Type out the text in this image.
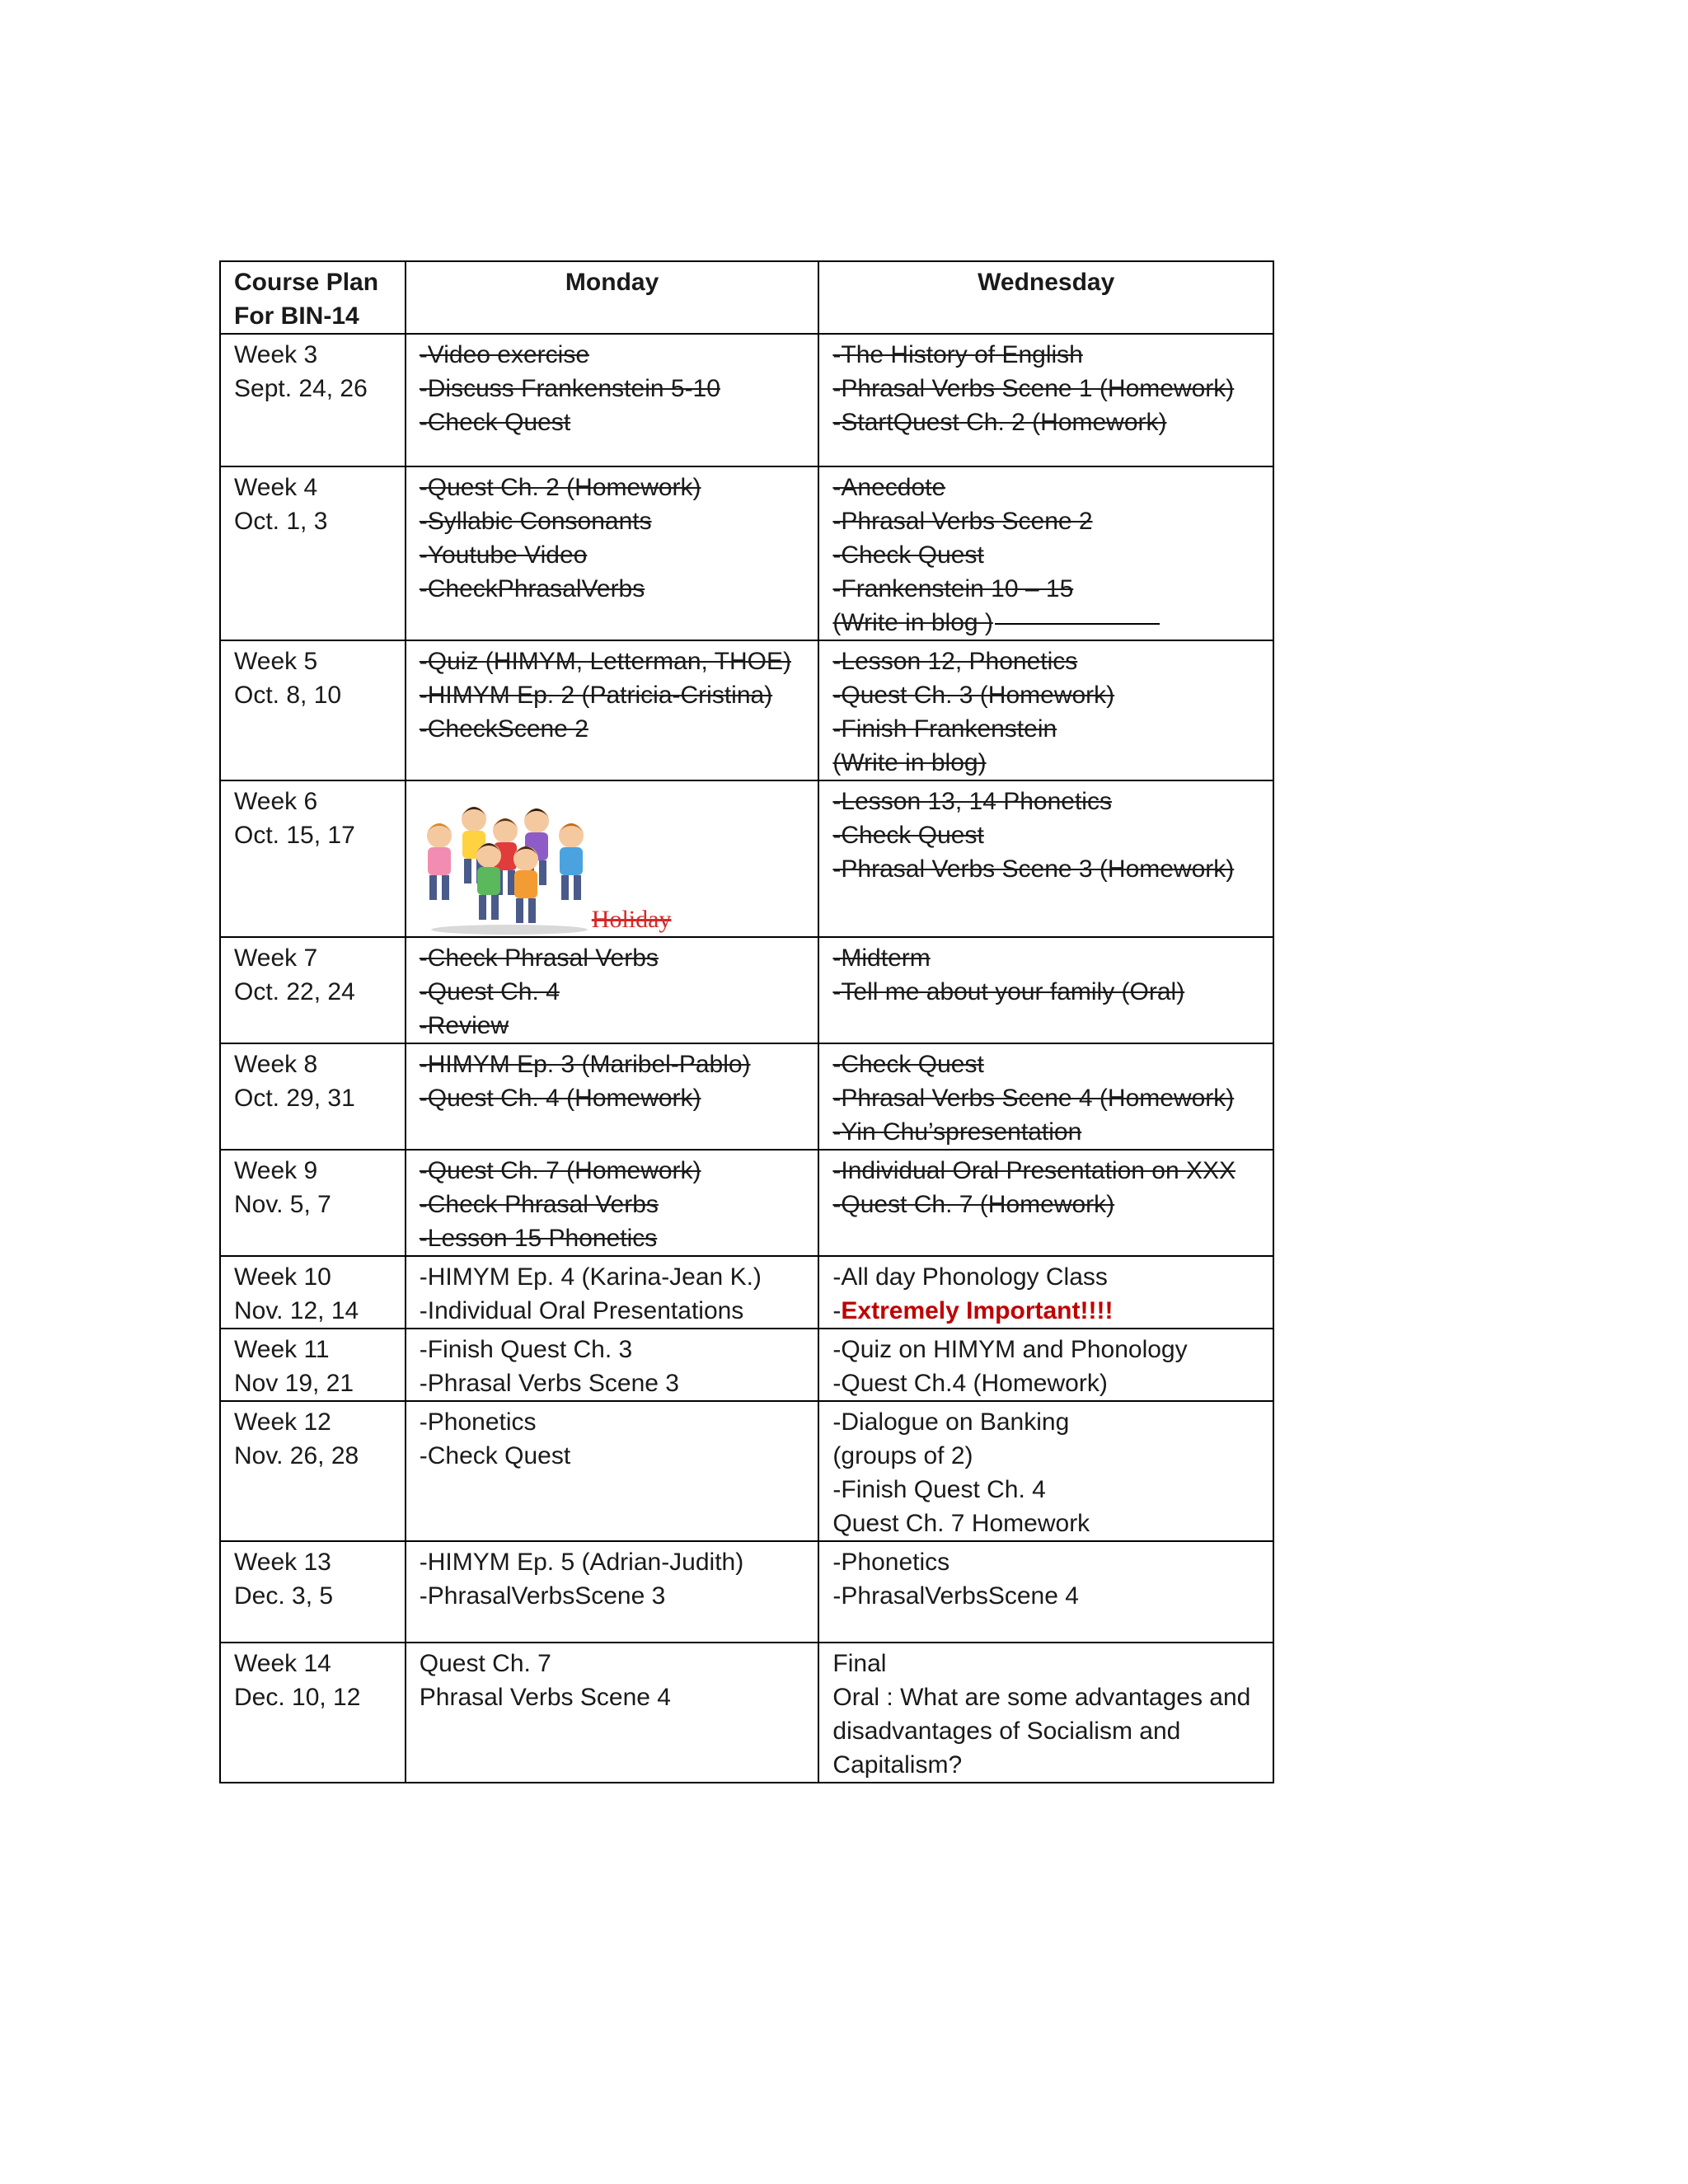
Course Plan
For BIN-14	Monday	Wednesday

Week 3
Sept. 24, 26	-Video exercise
-Discuss Frankenstein 5-10
-Check Quest	-The History of English
-Phrasal Verbs Scene 1 (Homework)
-StartQuest Ch. 2 (Homework)

Week 4
Oct. 1, 3	-Quest Ch. 2 (Homework)
-Syllabic Consonants
-Youtube Video
-CheckPhrasalVerbs	-Anecdote
-Phrasal Verbs Scene 2
-Check Quest
-Frankenstein 10 – 15
(Write in blog )

Week 5
Oct. 8, 10	-Quiz (HIMYM, Letterman, THOE)
-HIMYM Ep. 2 (Patricia-Cristina)
-CheckScene 2	-Lesson 12, Phonetics
-Quest Ch. 3 (Homework)
-Finish Frankenstein
(Write in blog)

Week 6
Oct. 15, 17	Holiday	-Lesson 13, 14 Phonetics
-Check Quest
-Phrasal Verbs Scene 3 (Homework)

Week 7
Oct. 22, 24	-Check Phrasal Verbs
-Quest Ch. 4
-Review	-Midterm
-Tell me about your family (Oral)

Week 8
Oct. 29, 31	-HIMYM Ep. 3 (Maribel-Pablo)
-Quest Ch. 4 (Homework)	-Check Quest
-Phrasal Verbs Scene 4 (Homework)
-Yin Chu’spresentation

Week 9
Nov. 5, 7	-Quest Ch. 7 (Homework)
-Check Phrasal Verbs
-Lesson 15 Phonetics	-Individual Oral Presentation on XXX
-Quest Ch. 7 (Homework)

Week 10
Nov. 12, 14	-HIMYM Ep. 4 (Karina-Jean K.)
-Individual Oral Presentations	-All day Phonology Class
-Extremely Important!!!!

Week 11
Nov 19, 21	-Finish Quest Ch. 3
-Phrasal Verbs Scene 3	-Quiz on HIMYM and Phonology
-Quest Ch.4 (Homework)

Week 12
Nov. 26, 28	-Phonetics
-Check Quest	-Dialogue on Banking
(groups of 2)
-Finish Quest Ch. 4
Quest Ch. 7 Homework

Week 13
Dec. 3, 5	-HIMYM Ep. 5 (Adrian-Judith)
-PhrasalVerbsScene 3	-Phonetics
-PhrasalVerbsScene 4

Week 14
Dec. 10, 12	Quest Ch. 7
Phrasal Verbs Scene 4	Final
Oral : What are some advantages and disadvantages of Socialism and Capitalism?
